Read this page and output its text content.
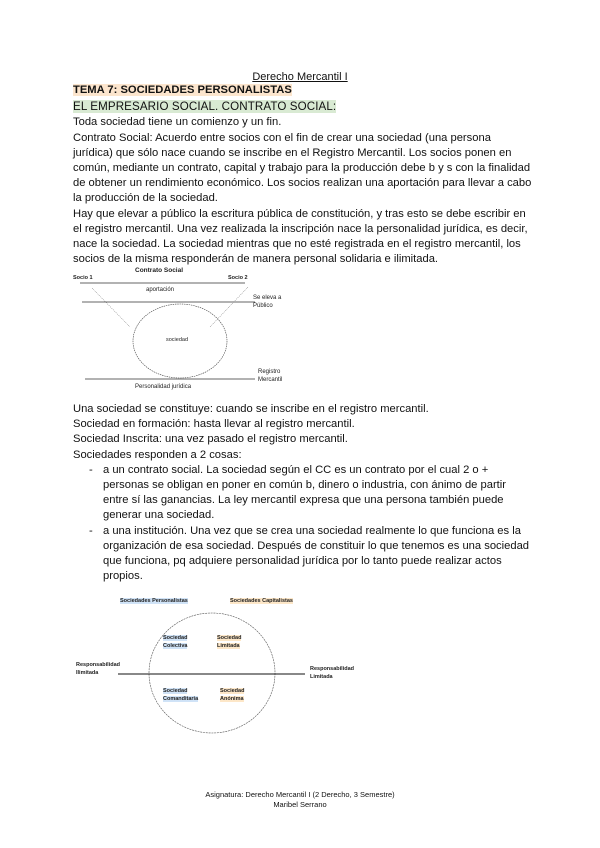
Derecho Mercantil I
TEMA 7: SOCIEDADES PERSONALISTAS
EL EMPRESARIO SOCIAL. CONTRATO SOCIAL:
Toda sociedad tiene un comienzo y un fin.
Contrato Social: Acuerdo entre socios con el fin de crear una sociedad (una persona jurídica) que sólo nace cuando se inscribe en el Registro Mercantil. Los socios ponen en común, mediante un contrato, capital y trabajo para la producción debe b y s con la finalidad de obtener un rendimiento económico. Los socios realizan una aportación para llevar a cabo la producción de la sociedad.
Hay que elevar a público la escritura pública de constitución, y tras esto se debe escribir en el registro mercantil. Una vez realizada la inscripción nace la personalidad jurídica, es decir, nace la sociedad. La sociedad mientras que no esté registrada en el registro mercantil, los socios de la misma responderán de manera personal solidaria e ilimitada.
Contrato Social
Socio 1	Socio 2
aportación
sociedad
Se eleva a
Público
Registro
Mercantil
Personalidad jurídica
Una sociedad se constituye: cuando se inscribe en el registro mercantil.
Sociedad en formación: hasta llevar al registro mercantil.
Sociedad Inscrita: una vez pasado el registro mercantil.
Sociedades responden a 2 cosas:
- a un contrato social. La sociedad según el CC es un contrato por el cual 2 o + personas se obligan en poner en común b, dinero o industria, con ánimo de partir entre sí las ganancias. La ley mercantil expresa que una persona también puede generar una sociedad.
- a una institución. Una vez que se crea una sociedad realmente lo que funciona es la organización de esa sociedad. Después de constituir lo que tenemos es una sociedad que funciona, pq adquiere personalidad jurídica por lo tanto puede realizar actos propios.
Sociedades Personalistas	Sociedades Capitalistas
Sociedad
Colectiva
Sociedad
Limitada
Sociedad
Comanditaria
Sociedad
Anónima
Responsabilidad
Ilimitada
Responsabilidad
Limitada
Asignatura: Derecho Mercantil I (2 Derecho, 3 Semestre)
Maribel Serrano
